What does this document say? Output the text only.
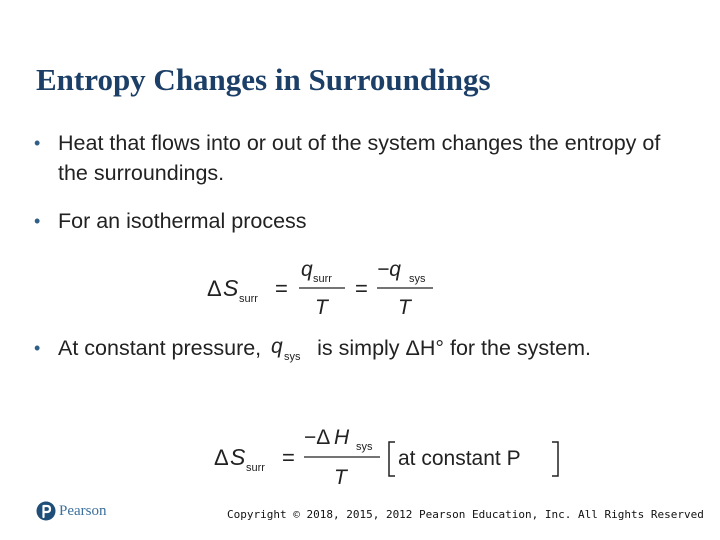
Entropy Changes in Surroundings
• Heat that flows into or out of the system changes the entropy of the surroundings.
• For an isothermal process
Δ S surr =
q surr
T
=
−q sys
T
• At constant pressure, q sys is simply ΔH° for the system.
Δ S surr =
−Δ H sys
T
at constant P
Pearson	Copyright © 2018, 2015, 2012 Pearson Education, Inc. All Rights Reserved
